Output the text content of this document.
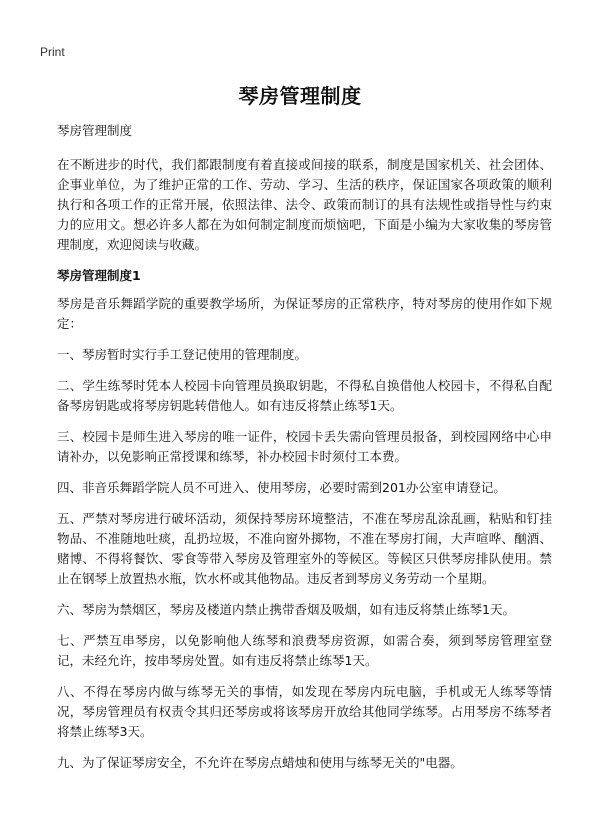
Print
琴房管理制度

琴房管理制度

在不断进步的时代，我们都跟制度有着直接或间接的联系，制度是国家机关、社会团体、企事业单位，为了维护正常的工作、劳动、学习、生活的秩序，保证国家各项政策的顺利执行和各项工作的正常开展，依照法律、法令、政策而制订的具有法规性或指导性与约束力的应用文。想必许多人都在为如何制定制度而烦恼吧，下面是小编为大家收集的琴房管理制度，欢迎阅读与收藏。

琴房管理制度1

琴房是音乐舞蹈学院的重要教学场所，为保证琴房的正常秩序，特对琴房的使用作如下规定：

一、琴房暂时实行手工登记使用的管理制度。

二、学生练琴时凭本人校园卡向管理员换取钥匙，不得私自换借他人校园卡，不得私自配备琴房钥匙或将琴房钥匙转借他人。如有违反将禁止练琴1天。

三、校园卡是师生进入琴房的唯一证件，校园卡丢失需向管理员报备，到校园网络中心申请补办，以免影响正常授课和练琴，补办校园卡时须付工本费。

四、非音乐舞蹈学院人员不可进入、使用琴房，必要时需到201办公室申请登记。

五、严禁对琴房进行破坏活动，须保持琴房环境整洁，不准在琴房乱涂乱画，粘贴和钉挂物品、不准随地吐痰，乱扔垃圾，不准向窗外掷物，不准在琴房打闹，大声喧哗、酗酒、赌博、不得将餐饮、零食等带入琴房及管理室外的等候区。等候区只供琴房排队使用。禁止在钢琴上放置热水瓶，饮水杯或其他物品。违反者到琴房义务劳动一个星期。

六、琴房为禁烟区，琴房及楼道内禁止携带香烟及吸烟，如有违反将禁止练琴1天。

七、严禁互串琴房，以免影响他人练琴和浪费琴房资源，如需合奏，须到琴房管理室登记，未经允许，按串琴房处置。如有违反将禁止练琴1天。

八、不得在琴房内做与练琴无关的事情，如发现在琴房内玩电脑，手机或无人练琴等情况，琴房管理员有权责令其归还琴房或将该琴房开放给其他同学练琴。占用琴房不练琴者将禁止练琴3天。

九、为了保证琴房安全，不允许在琴房点蜡烛和使用与练琴无关的"电器。
